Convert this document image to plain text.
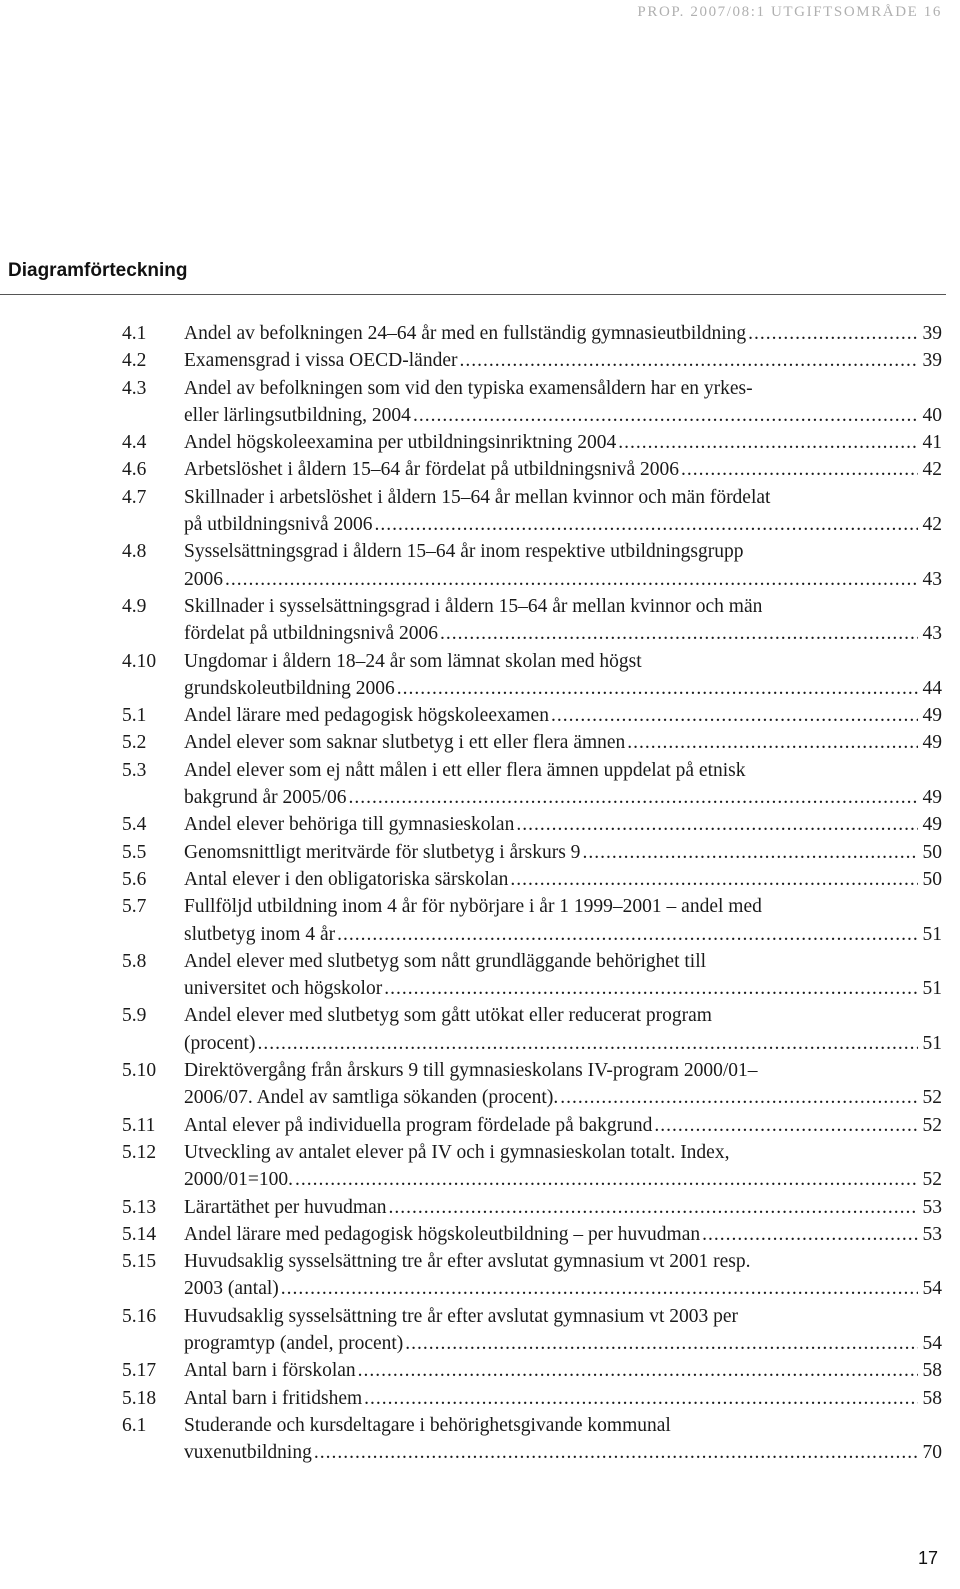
PROP. 2007/08:1 UTGIFTSOMRÅDE 16
Diagramförteckning
4.1 Andel av befolkningen 24–64 år med en fullständig gymnasieutbildning .....	39
4.2 Examensgrad i vissa OECD-länder .....	39
4.3 Andel av befolkningen som vid den typiska examensåldern har en yrkes-
eller lärlingsutbildning, 2004 .....	40
4.4 Andel högskoleexamina per utbildningsinriktning 2004 .....	41
4.6 Arbetslöshet i åldern 15–64 år fördelat på utbildningsnivå 2006 .....	42
4.7 Skillnader i arbetslöshet i åldern 15–64 år mellan kvinnor och män fördelat
på utbildningsnivå 2006 .....	42
4.8 Sysselsättningsgrad i åldern 15–64 år inom respektive utbildningsgrupp
2006 .....	43
4.9 Skillnader i sysselsättningsgrad i åldern 15–64 år mellan kvinnor och män
fördelat på utbildningsnivå 2006 .....	43
4.10 Ungdomar i åldern 18–24 år som lämnat skolan med högst
grundskoleutbildning 2006 .....	44
5.1 Andel lärare med pedagogisk högskoleexamen .....	49
5.2 Andel elever som saknar slutbetyg i ett eller flera ämnen .....	49
5.3 Andel elever som ej nått målen i ett eller flera ämnen uppdelat på etnisk
bakgrund år 2005/06 .....	49
5.4 Andel elever behöriga till gymnasieskolan .....	49
5.5 Genomsnittligt meritvärde för slutbetyg i årskurs 9 .....	50
5.6 Antal elever i den obligatoriska särskolan .....	50
5.7 Fullföljd utbildning inom 4 år för nybörjare i år 1 1999–2001 – andel med
slutbetyg inom 4 år .....	51
5.8 Andel elever med slutbetyg som nått grundläggande behörighet till
universitet och högskolor .....	51
5.9 Andel elever med slutbetyg som gått utökat eller reducerat program
(procent) .....	51
5.10 Direktövergång från årskurs 9 till gymnasieskolans IV-program 2000/01–
2006/07. Andel av samtliga sökanden (procent). .....	52
5.11 Antal elever på individuella program fördelade på bakgrund .....	52
5.12 Utveckling av antalet elever på IV och i gymnasieskolan totalt. Index,
2000/01=100. .....	52
5.13 Lärartäthet per huvudman .....	53
5.14 Andel lärare med pedagogisk högskoleutbildning – per huvudman .....	53
5.15 Huvudsaklig sysselsättning tre år efter avslutat gymnasium vt 2001 resp.
2003 (antal) .....	54
5.16 Huvudsaklig sysselsättning tre år efter avslutat gymnasium vt 2003 per
programtyp (andel, procent) .....	54
5.17 Antal barn i förskolan .....	58
5.18 Antal barn i fritidshem .....	58
6.1 Studerande och kursdeltagare i behörighetsgivande kommunal
vuxenutbildning .....	70
17
